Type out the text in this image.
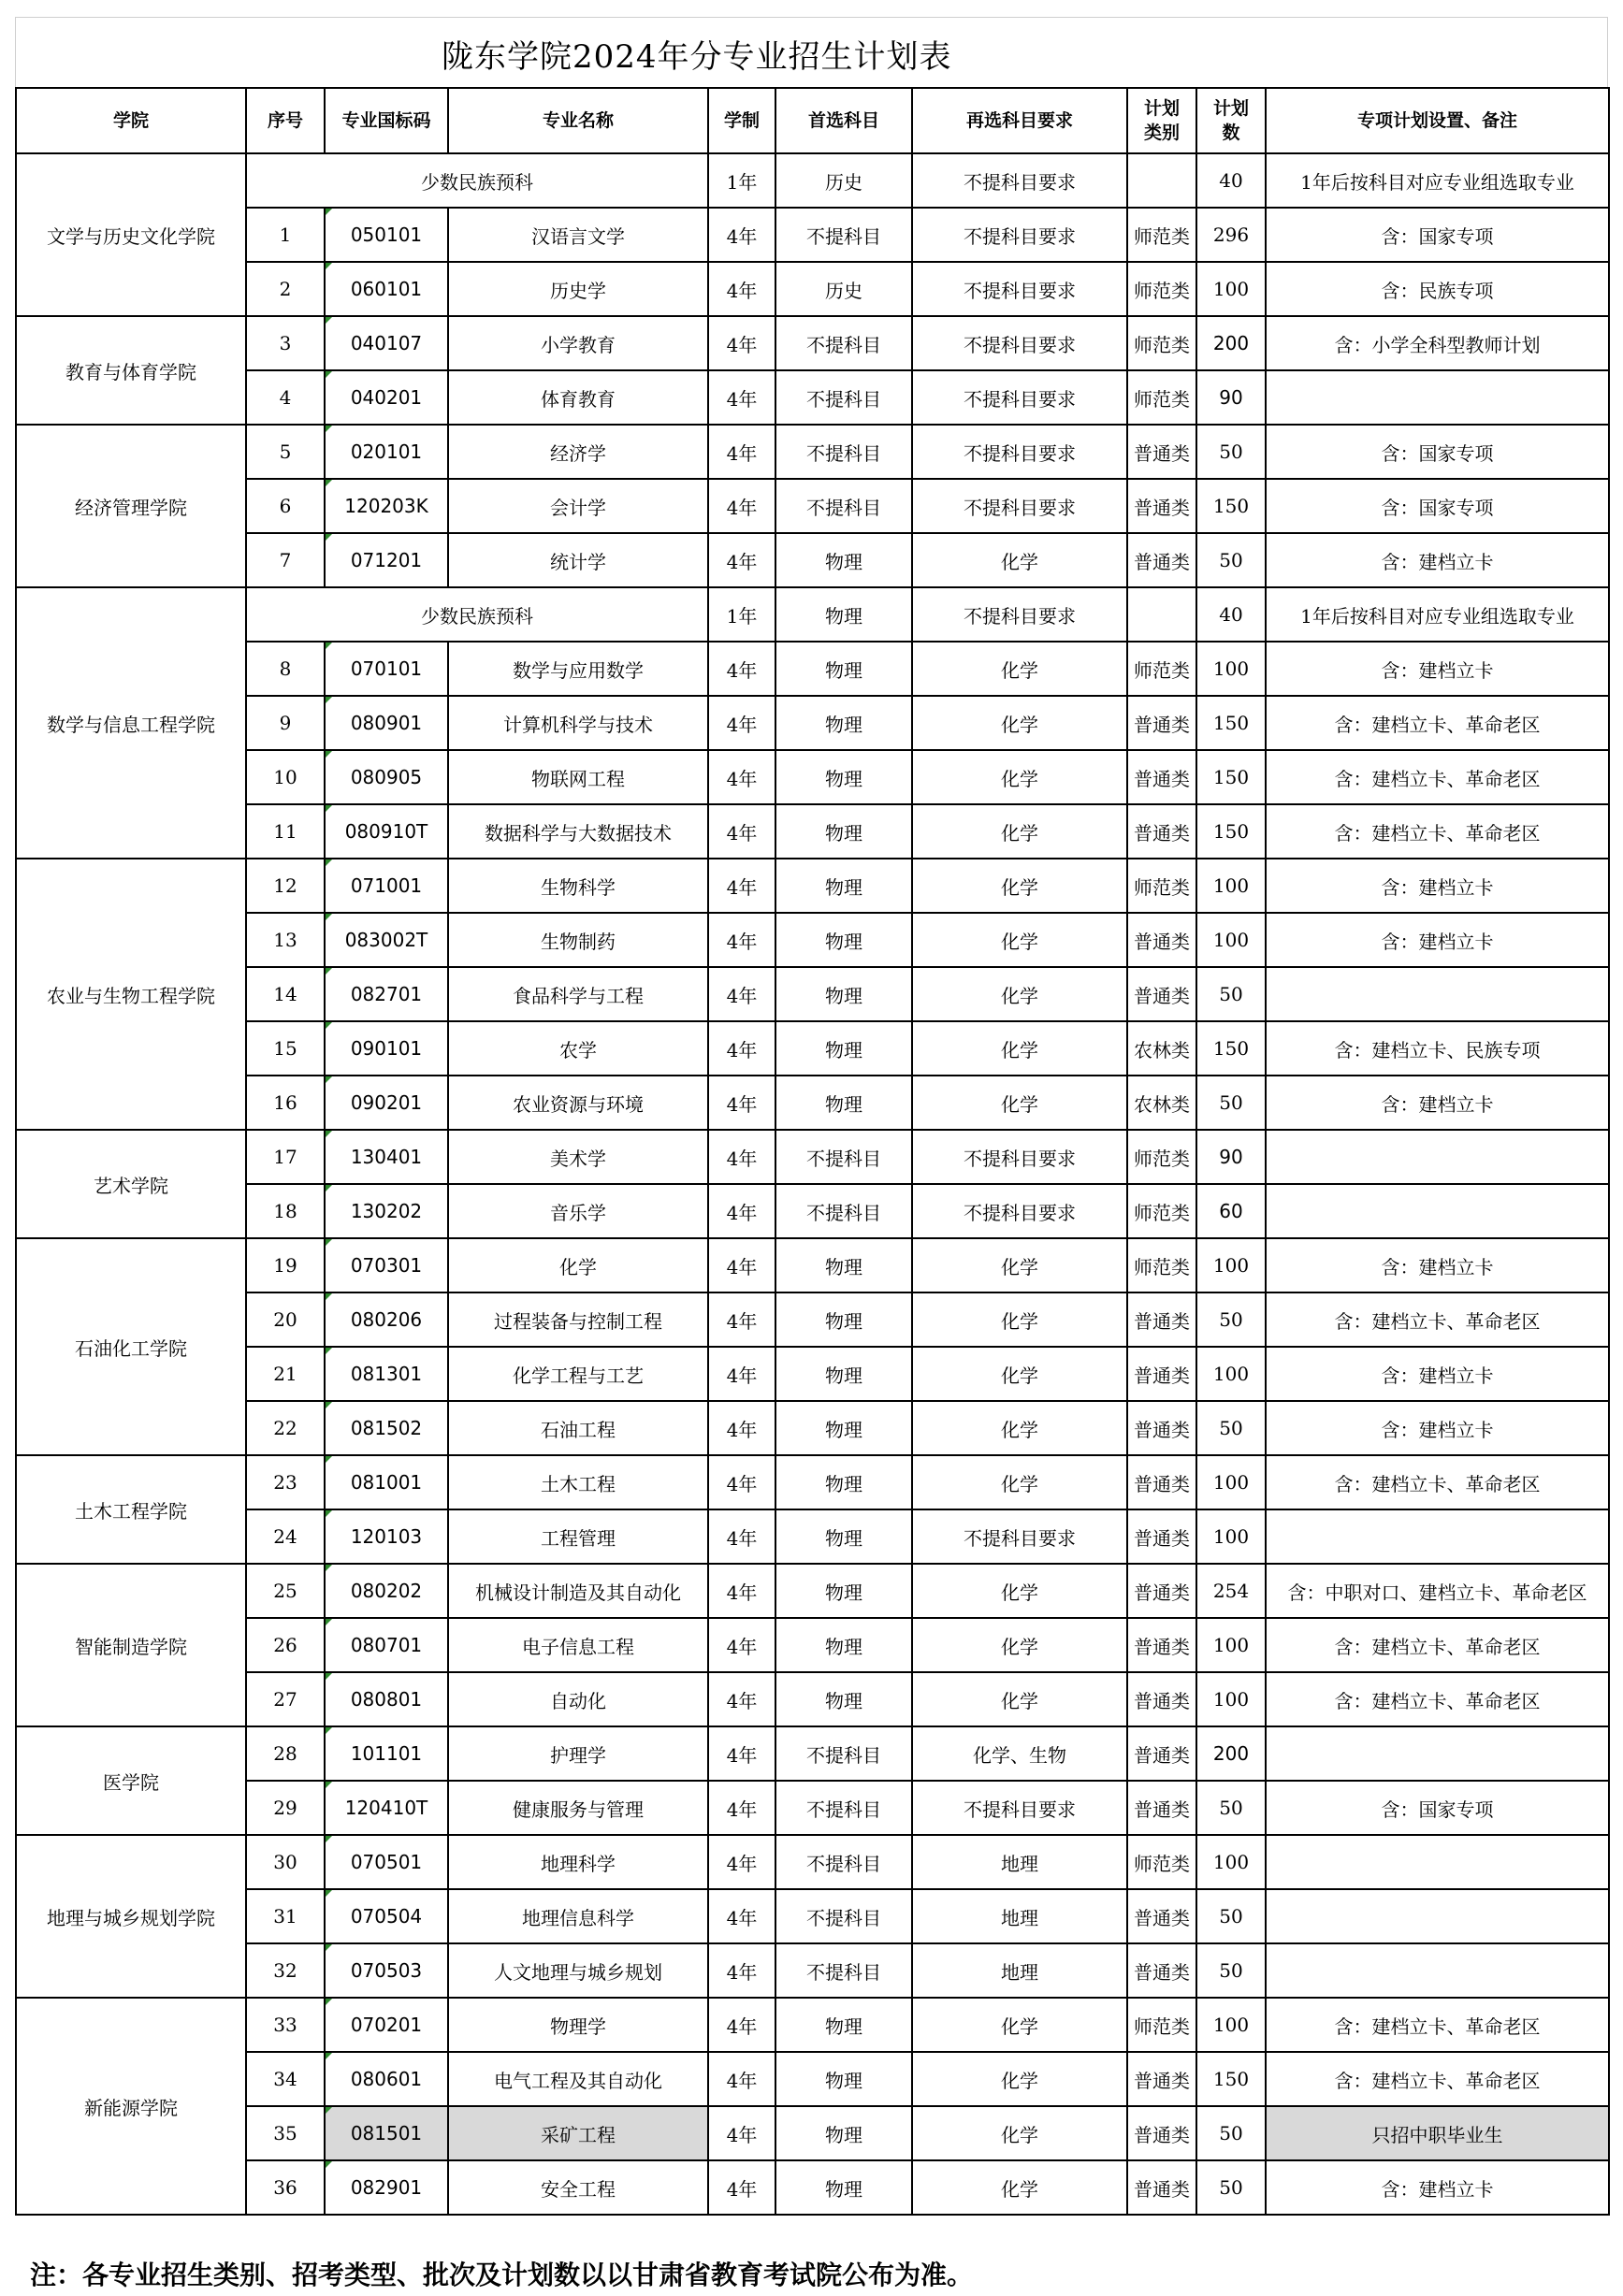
陇东学院2024年分专业招生计划表
学院	序号	专业国标码	专业名称	学制	首选科目	再选科目要求	计划类别	计划数	专项计划设置、备注
文学与历史文化学院	少数民族预科			1年	历史	不提科目要求		40	1年后按科目对应专业组选取专业
	1	050101	汉语言文学	4年	不提科目	不提科目要求	师范类	296	含：国家专项
	2	060101	历史学	4年	历史	不提科目要求	师范类	100	含：民族专项
教育与体育学院	3	040107	小学教育	4年	不提科目	不提科目要求	师范类	200	含：小学全科型教师计划
	4	040201	体育教育	4年	不提科目	不提科目要求	师范类	90	
经济管理学院	5	020101	经济学	4年	不提科目	不提科目要求	普通类	50	含：国家专项
	6	120203K	会计学	4年	不提科目	不提科目要求	普通类	150	含：国家专项
	7	071201	统计学	4年	物理	化学	普通类	50	含：建档立卡
数学与信息工程学院	少数民族预科			1年	物理	不提科目要求		40	1年后按科目对应专业组选取专业
	8	070101	数学与应用数学	4年	物理	化学	师范类	100	含：建档立卡
	9	080901	计算机科学与技术	4年	物理	化学	普通类	150	含：建档立卡、革命老区
	10	080905	物联网工程	4年	物理	化学	普通类	150	含：建档立卡、革命老区
	11	080910T	数据科学与大数据技术	4年	物理	化学	普通类	150	含：建档立卡、革命老区
农业与生物工程学院	12	071001	生物科学	4年	物理	化学	师范类	100	含：建档立卡
	13	083002T	生物制药	4年	物理	化学	普通类	100	含：建档立卡
	14	082701	食品科学与工程	4年	物理	化学	普通类	50	
	15	090101	农学	4年	物理	化学	农林类	150	含：建档立卡、民族专项
	16	090201	农业资源与环境	4年	物理	化学	农林类	50	含：建档立卡
艺术学院	17	130401	美术学	4年	不提科目	不提科目要求	师范类	90	
	18	130202	音乐学	4年	不提科目	不提科目要求	师范类	60	
石油化工学院	19	070301	化学	4年	物理	化学	师范类	100	含：建档立卡
	20	080206	过程装备与控制工程	4年	物理	化学	普通类	50	含：建档立卡、革命老区
	21	081301	化学工程与工艺	4年	物理	化学	普通类	100	含：建档立卡
	22	081502	石油工程	4年	物理	化学	普通类	50	含：建档立卡
土木工程学院	23	081001	土木工程	4年	物理	化学	普通类	100	含：建档立卡、革命老区
	24	120103	工程管理	4年	物理	不提科目要求	普通类	100	
智能制造学院	25	080202	机械设计制造及其自动化	4年	物理	化学	普通类	254	含：中职对口、建档立卡、革命老区
	26	080701	电子信息工程	4年	物理	化学	普通类	100	含：建档立卡、革命老区
	27	080801	自动化	4年	物理	化学	普通类	100	含：建档立卡、革命老区
医学院	28	101101	护理学	4年	不提科目	化学、生物	普通类	200	
	29	120410T	健康服务与管理	4年	不提科目	不提科目要求	普通类	50	含：国家专项
地理与城乡规划学院	30	070501	地理科学	4年	不提科目	地理	师范类	100	
	31	070504	地理信息科学	4年	不提科目	地理	普通类	50	
	32	070503	人文地理与城乡规划	4年	不提科目	地理	普通类	50	
新能源学院	33	070201	物理学	4年	物理	化学	师范类	100	含：建档立卡、革命老区
	34	080601	电气工程及其自动化	4年	物理	化学	普通类	150	含：建档立卡、革命老区
	35	081501	采矿工程	4年	物理	化学	普通类	50	只招中职毕业生
	36	082901	安全工程	4年	物理	化学	普通类	50	含：建档立卡
注：各专业招生类别、招考类型、批次及计划数以以甘肃省教育考试院公布为准。
